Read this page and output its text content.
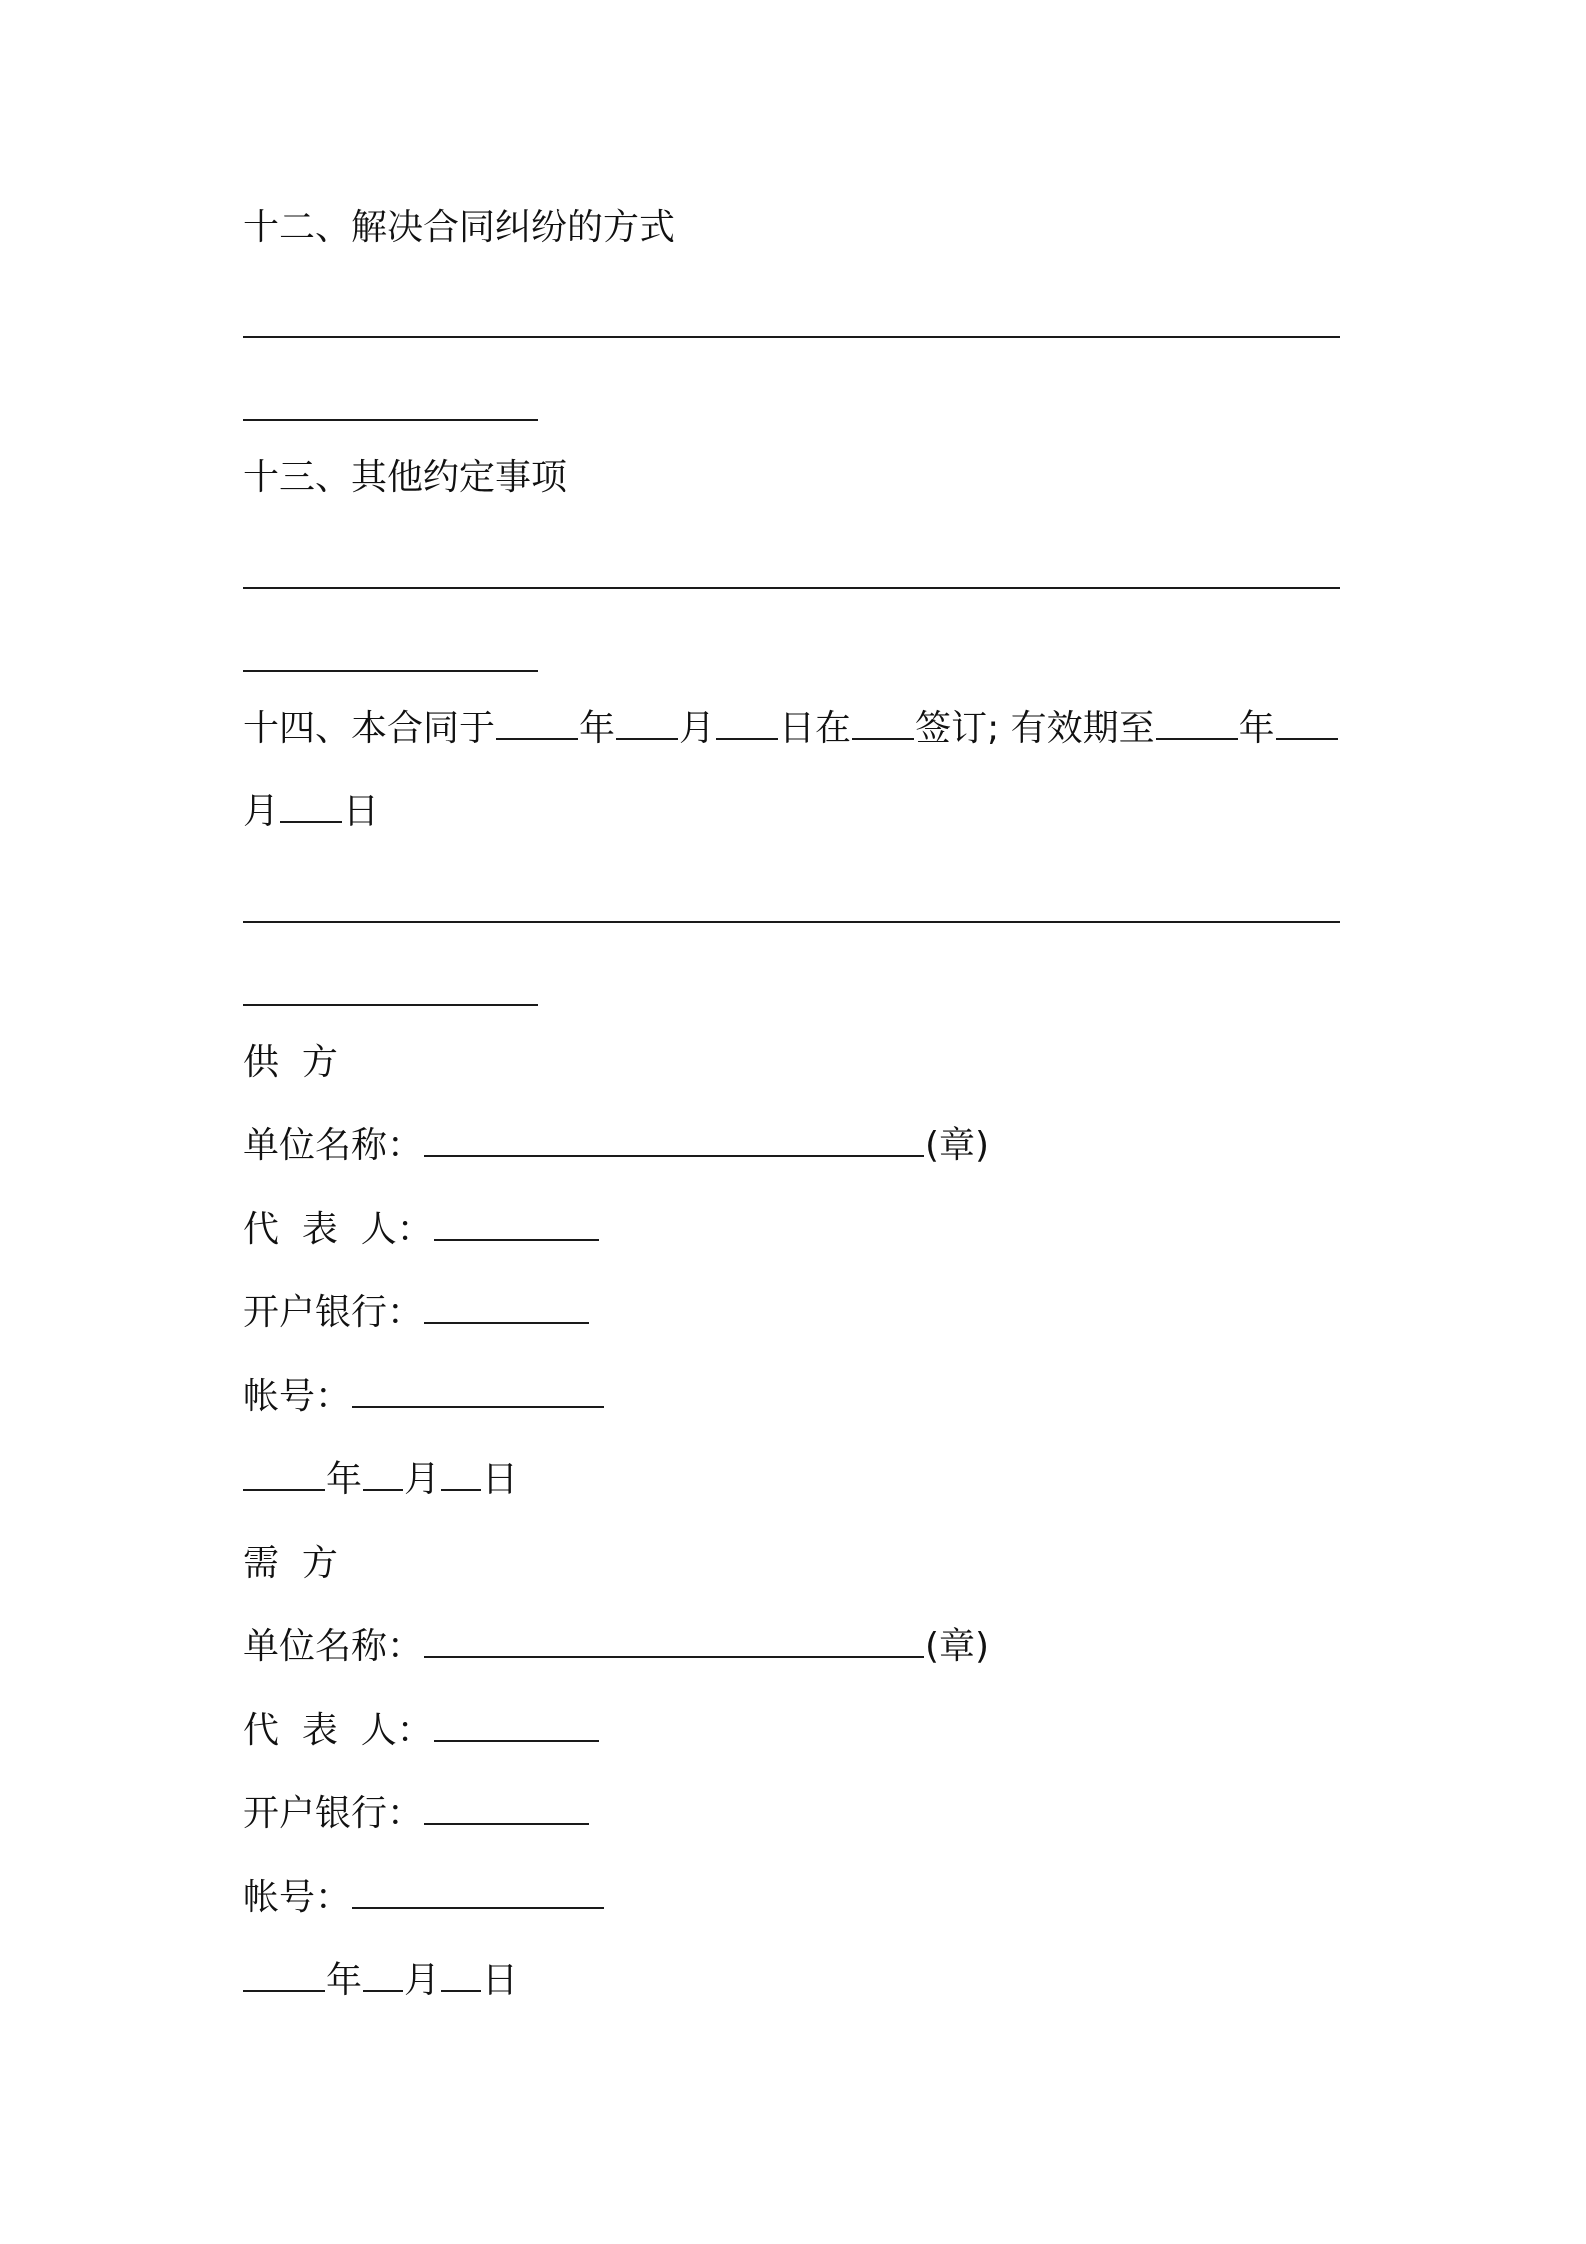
十二、解决合同纠纷的方式
十三、其他约定事项
十四、本合同于 年 月 日在 签订; 有效期至 年
月 日
供  方
单位名称：	(章)
代  表  人：
开户银行：
帐号：
年 月 日
需  方
单位名称：	(章)
代  表  人：
开户银行：
帐号：
年 月 日
